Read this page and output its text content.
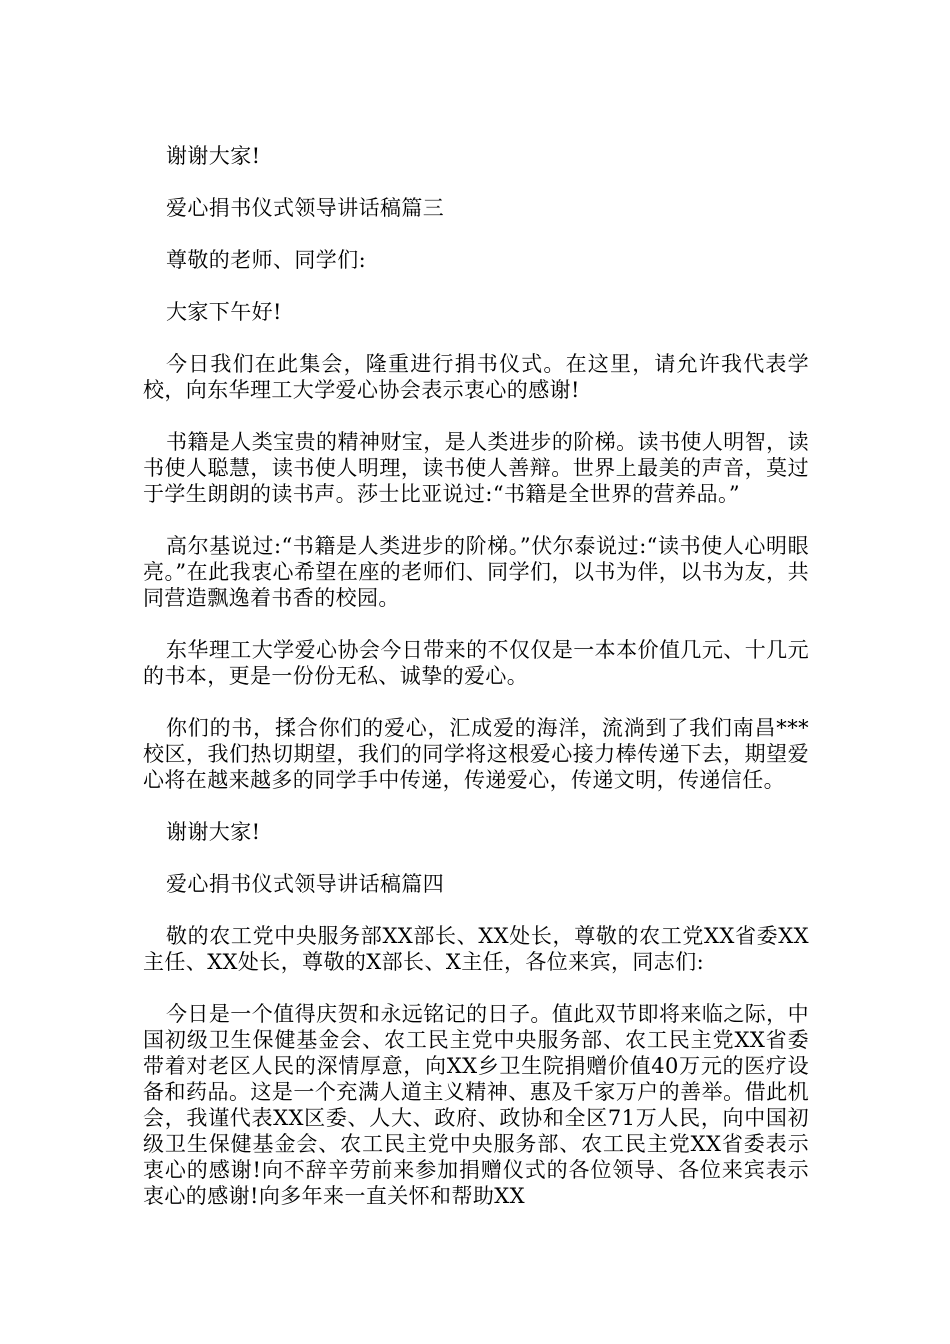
谢谢大家!

爱心捐书仪式领导讲话稿篇三

尊敬的老师、同学们:

大家下午好!

今日我们在此集会，隆重进行捐书仪式。在这里，请允许我代表学校，向东华理工大学爱心协会表示衷心的感谢!

书籍是人类宝贵的精神财宝，是人类进步的阶梯。读书使人明智，读书使人聪慧，读书使人明理，读书使人善辩。世界上最美的声音，莫过于学生朗朗的读书声。莎士比亚说过:“书籍是全世界的营养品。”

高尔基说过:“书籍是人类进步的阶梯。”伏尔泰说过:“读书使人心明眼亮。”在此我衷心希望在座的老师们、同学们，以书为伴，以书为友，共同营造飘逸着书香的校园。

东华理工大学爱心协会今日带来的不仅仅是一本本价值几元、十几元的书本，更是一份份无私、诚挚的爱心。

你们的书，揉合你们的爱心，汇成爱的海洋，流淌到了我们南昌***校区，我们热切期望，我们的同学将这根爱心接力棒传递下去，期望爱心将在越来越多的同学手中传递，传递爱心，传递文明，传递信任。

谢谢大家!

爱心捐书仪式领导讲话稿篇四

敬的农工党中央服务部XX部长、XX处长，尊敬的农工党XX省委XX主任、XX处长，尊敬的X部长、X主任，各位来宾，同志们:

今日是一个值得庆贺和永远铭记的日子。值此双节即将来临之际，中国初级卫生保健基金会、农工民主党中央服务部、农工民主党XX省委带着对老区人民的深情厚意，向XX乡卫生院捐赠价值40万元的医疗设备和药品。这是一个充满人道主义精神、惠及千家万户的善举。借此机会，我谨代表XX区委、人大、政府、政协和全区71万人民，向中国初级卫生保健基金会、农工民主党中央服务部、农工民主党XX省委表示衷心的感谢!向不辞辛劳前来参加捐赠仪式的各位领导、各位来宾表示衷心的感谢!向多年来一直关怀和帮助XX
